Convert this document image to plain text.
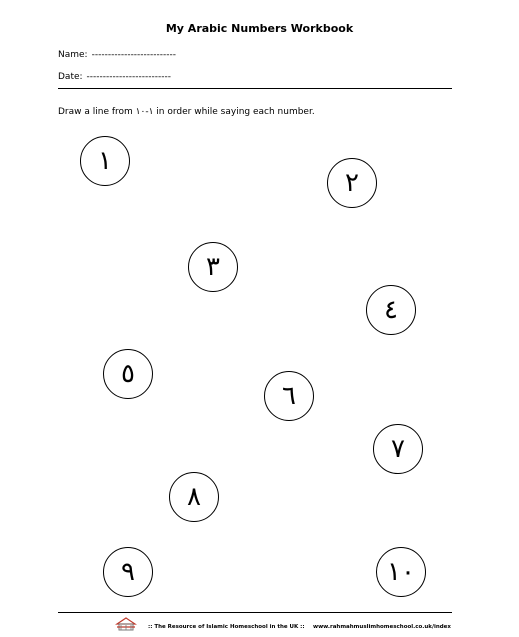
My Arabic Numbers Workbook
Name: --------------------------
Date: --------------------------
Draw a line from ١-١٠ in order while saying each number.
١
٢
٣
٤
٥
٦
٧
٨
٩	١٠
:: The Resource of Islamic Homeschool in the UK :: www.rahmahmuslimhomeschool.co.uk/index
